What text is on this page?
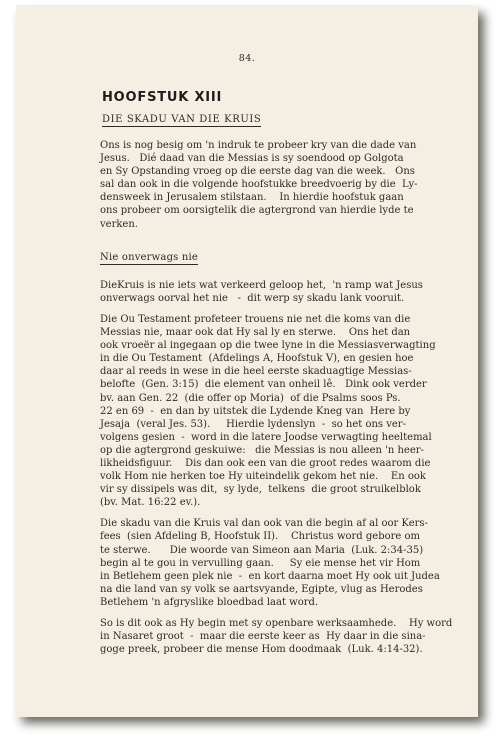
84.
HOOFSTUK XIII
DIE SKADU VAN DIE KRUIS
Ons is nog besig om 'n indruk te probeer kry van die dade van
Jesus.   Dié daad van die Messias is sy soendood op Golgota
en Sy Opstanding vroeg op die eerste dag van die week.   Ons
sal dan ook in die volgende hoofstukke breedvoerig by die  Ly-
densweek in Jerusalem stilstaan.    In hierdie hoofstuk gaan
ons probeer om oorsigtelik die agtergrond van hierdie lyde te
verken.
Nie onverwags nie
DieKruis is nie iets wat verkeerd geloop het,  'n ramp wat Jesus
onverwags oorval het nie   -  dit werp sy skadu lank vooruit.
Die Ou Testament profeteer trouens nie net die koms van die
Messias nie, maar ook dat Hy sal ly en sterwe.    Ons het dan
ook vroeër al ingegaan op die twee lyne in die Messiasverwagting
in die Ou Testament  (Afdelings A, Hoofstuk V), en gesien hoe
daar al reeds in wese in die heel eerste skaduagtige Messias-
belofte  (Gen. 3:15)  die element van onheil lê.   Dink ook verder
bv. aan Gen. 22  (die offer op Moria)  of die Psalms soos Ps.
22 en 69  -  en dan by uitstek die Lydende Kneg van  Here by
Jesaja  (veral Jes. 53).     Hierdie lydenslyn  -  so het ons ver-
volgens gesien  -  word in die latere Joodse verwagting heeltemal
op die agtergrond geskuiwe:   die Messias is nou alleen 'n heer-
likheidsfiguur.    Dis dan ook een van die groot redes waarom die
volk Hom nie herken toe Hy uiteindelik gekom het nie.    En ook
vir sy dissipels was dit,  sy lyde,  telkens  die groot struikelblok
(bv. Mat. 16:22 ev.).
Die skadu van die Kruis val dan ook van die begin af al oor Kers-
fees  (sien Afdeling B, Hoofstuk II).    Christus word gebore om
te sterwe.      Die woorde van Simeon aan Maria  (Luk. 2:34-35)
begin al te gou in vervulling gaan.     Sy eie mense het vir Hom
in Betlehem geen plek nie  -  en kort daarna moet Hy ook uit Judea
na die land van sy volk se aartsvyande, Egipte, vlug as Herodes
Betlehem 'n afgryslike bloedbad laat word.
So is dit ook as Hy begin met sy openbare werksaamhede.    Hy word
in Nasaret groot  -  maar die eerste keer as  Hy daar in die sina-
goge preek, probeer die mense Hom doodmaak  (Luk. 4:14-32).
